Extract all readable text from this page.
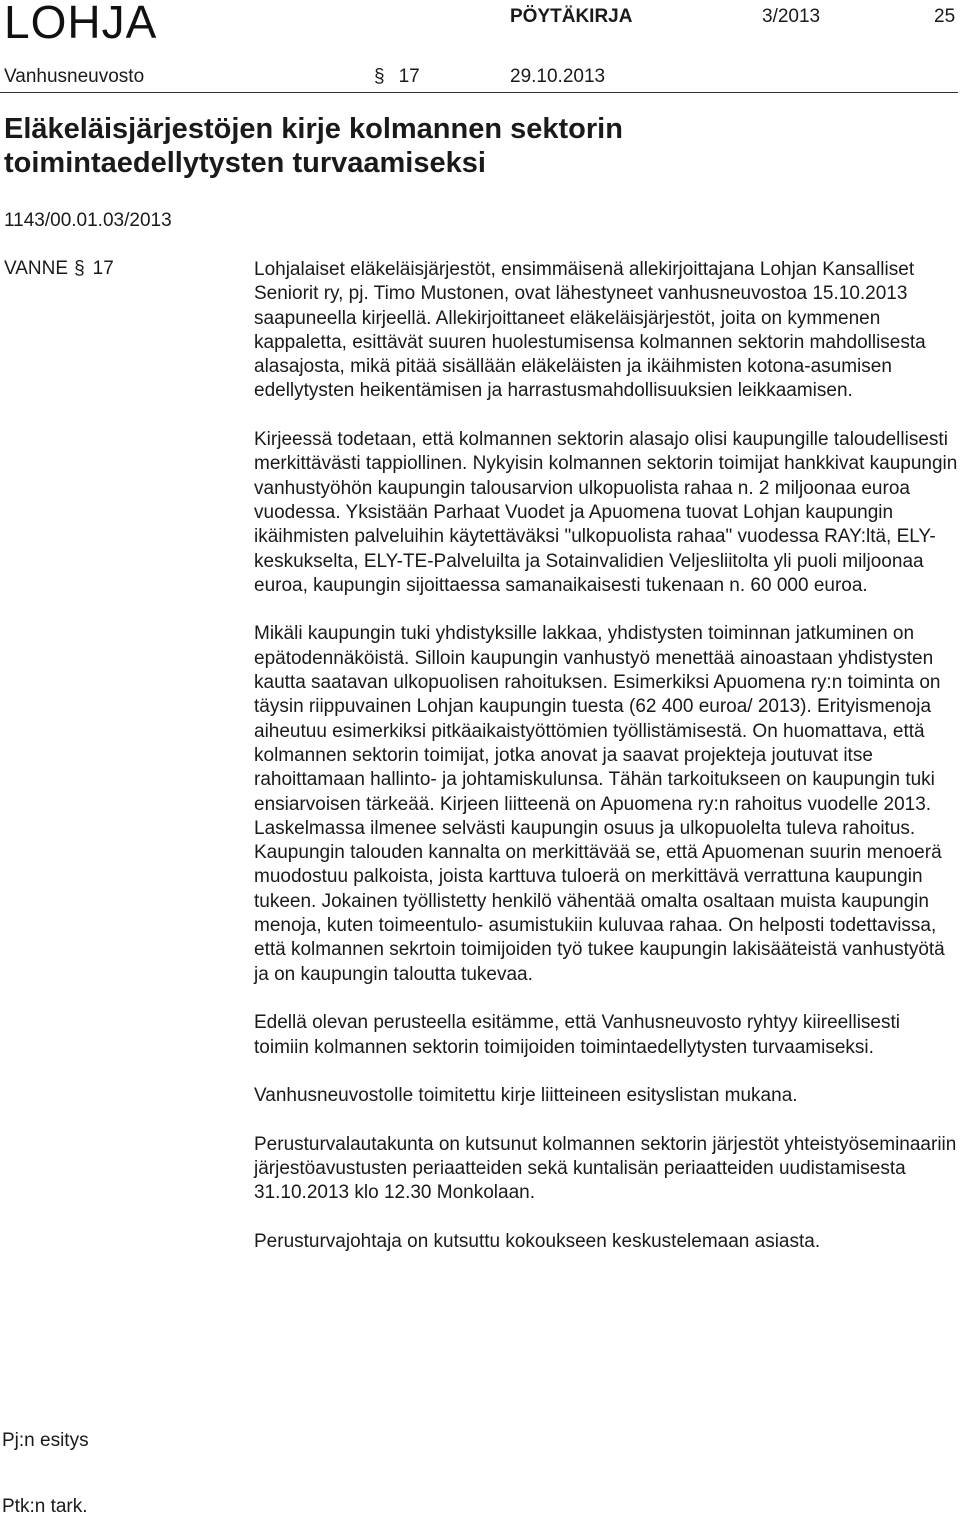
LOHJA	PÖYTÄKIRJA	3/2013	25
Vanhusneuvosto	§ 17	29.10.2013
Eläkeläisjärjestöjen kirje kolmannen sektorin
toimintaedellytysten turvaamiseksi
1143/00.01.03/2013
VANNE § 17	Lohjalaiset eläkeläisjärjestöt, ensimmäisenä allekirjoittajana Lohjan Kansalliset Seniorit ry, pj. Timo Mustonen, ovat lähestyneet vanhusneuvostoa 15.10.2013 saapuneella kirjeellä. Allekirjoittaneet eläkeläisjärjestöt, joita on kymmenen kappaletta, esittävät suuren huolestumisensa kolmannen sektorin mahdollisesta alasajosta, mikä pitää sisällään eläkeläisten ja ikäihmisten kotona-asumisen edellytysten heikentämisen ja harrastusmahdollisuuksien leikkaamisen.

Kirjeessä todetaan, että kolmannen sektorin alasajo olisi kaupungille taloudellisesti merkittävästi tappiollinen. Nykyisin kolmannen sektorin toimijat hankkivat kaupungin vanhustyöhön kaupungin talousarvion ulkopuolista rahaa n. 2 miljoonaa euroa vuodessa. Yksistään Parhaat Vuodet ja Apuomena tuovat Lohjan kaupungin ikäihmisten palveluihin käytettäväksi "ulkopuolista rahaa" vuodessa RAY:ltä, ELY-keskukselta, ELY-TE-Palveluilta ja Sotainvalidien Veljesliitolta yli puoli miljoonaa euroa, kaupungin sijoittaessa samanaikaisesti tukenaan n. 60 000 euroa.

Mikäli kaupungin tuki yhdistyksille lakkaa, yhdistysten toiminnan jatkuminen on epätodennäköistä. Silloin kaupungin vanhustyö menettää ainoastaan yhdistysten kautta saatavan ulkopuolisen rahoituksen. Esimerkiksi Apuomena ry:n toiminta on täysin riippuvainen Lohjan kaupungin tuesta (62 400 euroa/ 2013). Erityismenoja aiheutuu esimerkiksi pitkäaikaistyöttömien työllistämisestä. On huomattava, että kolmannen sektorin toimijat, jotka anovat ja saavat projekteja joutuvat itse rahoittamaan hallinto- ja johtamiskulunsa. Tähän tarkoitukseen on kaupungin tuki ensiarvoisen tärkeää. Kirjeen liitteenä on Apuomena ry:n rahoitus vuodelle 2013. Laskelmassa ilmenee selvästi kaupungin osuus ja ulkopuolelta tuleva rahoitus. Kaupungin talouden kannalta on merkittävää se, että Apuomenan suurin menoerä muodostuu palkoista, joista karttuva tuloerä on merkittävä verrattuna kaupungin tukeen. Jokainen työllistetty henkilö vähentää omalta osaltaan muista kaupungin menoja, kuten toimeentulo- asumistukiin kuluvaa rahaa. On helposti todettavissa, että kolmannen sekrtoin toimijoiden työ tukee kaupungin lakisääteistä vanhustyötä ja on kaupungin taloutta tukevaa.

Edellä olevan perusteella esitämme, että Vanhusneuvosto ryhtyy kiireellisesti toimiin kolmannen sektorin toimijoiden toimintaedellytysten turvaamiseksi.

Vanhusneuvostolle toimitettu kirje liitteineen esityslistan mukana.

Perusturvalautakunta on kutsunut kolmannen sektorin järjestöt yhteistyöseminaariin järjestöavustusten periaatteiden sekä kuntalisän periaatteiden uudistamisesta 31.10.2013 klo 12.30 Monkolaan.

Perusturvajohtaja on kutsuttu kokoukseen keskustelemaan asiasta.

Pj:n esitys
Ptk:n tark.
